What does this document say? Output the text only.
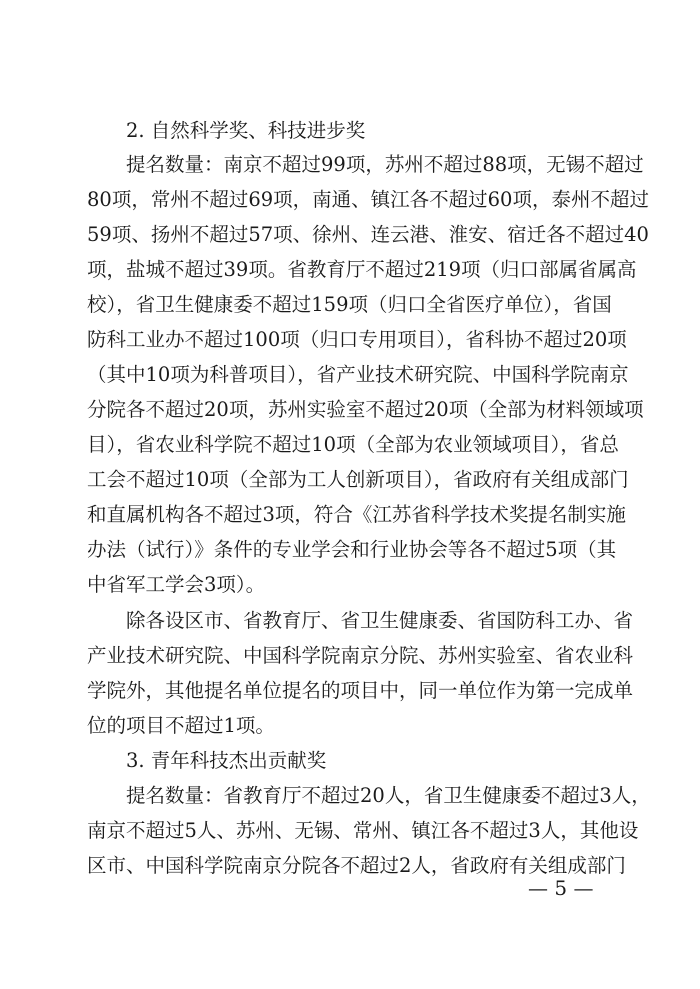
2. 自然科学奖、科技进步奖
提名数量：南京不超过99项，苏州不超过88项，无锡不超过
80项，常州不超过69项，南通、镇江各不超过60项，泰州不超过
59项、扬州不超过57项、徐州、连云港、淮安、宿迁各不超过40
项，盐城不超过39项。省教育厅不超过219项（归口部属省属高
校），省卫生健康委不超过159项（归口全省医疗单位），省国
防科工业办不超过100项（归口专用项目），省科协不超过20项
（其中10项为科普项目），省产业技术研究院、中国科学院南京
分院各不超过20项，苏州实验室不超过20项（全部为材料领域项
目），省农业科学院不超过10项（全部为农业领域项目），省总
工会不超过10项（全部为工人创新项目），省政府有关组成部门
和直属机构各不超过3项，符合《江苏省科学技术奖提名制实施
办法（试行）》条件的专业学会和行业协会等各不超过5项（其
中省军工学会3项）。
除各设区市、省教育厅、省卫生健康委、省国防科工办、省
产业技术研究院、中国科学院南京分院、苏州实验室、省农业科
学院外，其他提名单位提名的项目中，同一单位作为第一完成单
位的项目不超过1项。
3. 青年科技杰出贡献奖
提名数量：省教育厅不超过20人，省卫生健康委不超过3人，
南京不超过5人、苏州、无锡、常州、镇江各不超过3人，其他设
区市、中国科学院南京分院各不超过2人，省政府有关组成部门
— 5 —
